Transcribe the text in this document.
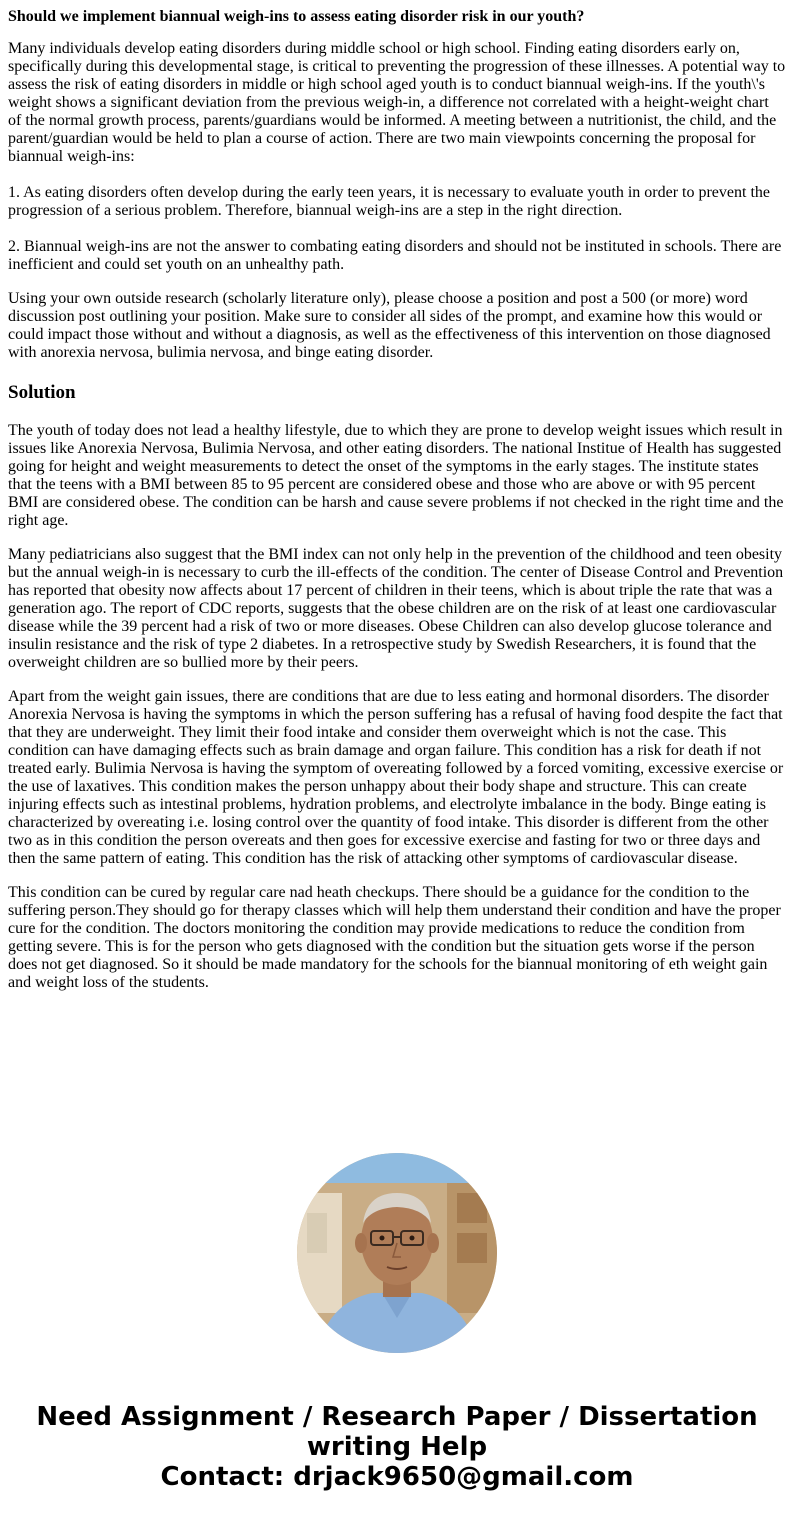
Should we implement biannual weigh-ins to assess eating disorder risk in our youth?
Many individuals develop eating disorders during middle school or high school. Finding eating disorders early on, specifically during this developmental stage, is critical to preventing the progression of these illnesses. A potential way to assess the risk of eating disorders in middle or high school aged youth is to conduct biannual weigh-ins. If the youth\'s weight shows a significant deviation from the previous weigh-in, a difference not correlated with a height-weight chart of the normal growth process, parents/guardians would be informed. A meeting between a nutritionist, the child, and the parent/guardian would be held to plan a course of action. There are two main viewpoints concerning the proposal for biannual weigh-ins:

1. As eating disorders often develop during the early teen years, it is necessary to evaluate youth in order to prevent the progression of a serious problem. Therefore, biannual weigh-ins are a step in the right direction.

2. Biannual weigh-ins are not the answer to combating eating disorders and should not be instituted in schools. There are inefficient and could set youth on an unhealthy path.
Using your own outside research (scholarly literature only), please choose a position and post a 500 (or more) word discussion post outlining your position. Make sure to consider all sides of the prompt, and examine how this would or could impact those without and without a diagnosis, as well as the effectiveness of this intervention on those diagnosed with anorexia nervosa, bulimia nervosa, and binge eating disorder.
Solution
The youth of today does not lead a healthy lifestyle, due to which they are prone to develop weight issues which result in issues like Anorexia Nervosa, Bulimia Nervosa, and other eating disorders. The national Institue of Health has suggested going for height and weight measurements to detect the onset of the symptoms in the early stages. The institute states that the teens with a BMI between 85 to 95 percent are considered obese and those who are above or with 95 percent BMI are considered obese. The condition can be harsh and cause severe problems if not checked in the right time and the right age.
Many pediatricians also suggest that the BMI index can not only help in the prevention of the childhood and teen obesity but the annual weigh-in is necessary to curb the ill-effects of the condition. The center of Disease Control and Prevention has reported that obesity now affects about 17 percent of children in their teens, which is about triple the rate that was a generation ago. The report of CDC reports, suggests that the obese children are on the risk of at least one cardiovascular disease while the 39 percent had a risk of two or more diseases. Obese Children can also develop glucose tolerance and insulin resistance and the risk of type 2 diabetes. In a retrospective study by Swedish Researchers, it is found that the overweight children are so bullied more by their peers.
Apart from the weight gain issues, there are conditions that are due to less eating and hormonal disorders. The disorder Anorexia Nervosa is having the symptoms in which the person suffering has a refusal of having food despite the fact that that they are underweight. They limit their food intake and consider them overweight which is not the case. This condition can have damaging effects such as brain damage and organ failure. This condition has a risk for death if not treated early. Bulimia Nervosa is having the symptom of overeating followed by a forced vomiting, excessive exercise or the use of laxatives. This condition makes the person unhappy about their body shape and structure. This can create injuring effects such as intestinal problems, hydration problems, and electrolyte imbalance in the body. Binge eating is characterized by overeating i.e. losing control over the quantity of food intake. This disorder is different from the other two as in this condition the person overeats and then goes for excessive exercise and fasting for two or three days and then the same pattern of eating. This condition has the risk of attacking other symptoms of cardiovascular disease.
This condition can be cured by regular care nad heath checkups. There should be a guidance for the condition to the suffering person.They should go for therapy classes which will help them understand their condition and have the proper cure for the condition. The doctors monitoring the condition may provide medications to reduce the condition from getting severe. This is for the person who gets diagnosed with the condition but the situation gets worse if the person does not get diagnosed. So it should be made mandatory for the schools for the biannual monitoring of eth weight gain and weight loss of the students.
Need Assignment / Research Paper / Dissertation
writing Help
Contact: drjack9650@gmail.com
